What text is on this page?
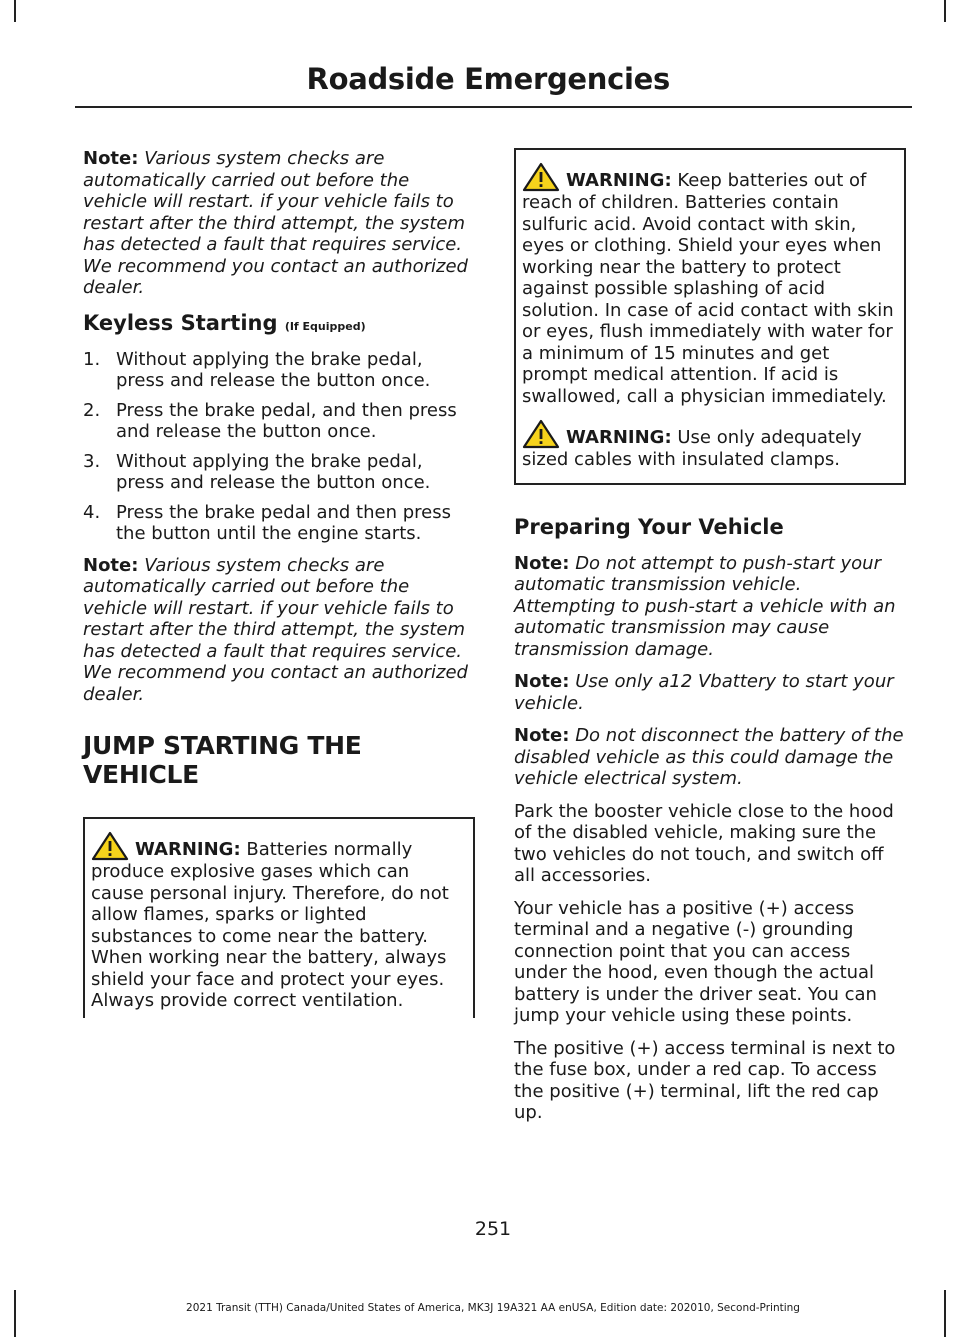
Roadside Emergencies

Note: Various system checks are automatically carried out before the vehicle will restart. if your vehicle fails to restart after the third attempt, the system has detected a fault that requires service. We recommend you contact an authorized dealer.

Keyless Starting (If Equipped)
1. Without applying the brake pedal, press and release the button once.
2. Press the brake pedal, and then press and release the button once.
3. Without applying the brake pedal, press and release the button once.
4. Press the brake pedal and then press the button until the engine starts.

Note: Various system checks are automatically carried out before the vehicle will restart. if your vehicle fails to restart after the third attempt, the system has detected a fault that requires service. We recommend you contact an authorized dealer.

JUMP STARTING THE VEHICLE

WARNING: Batteries normally produce explosive gases which can cause personal injury. Therefore, do not allow flames, sparks or lighted substances to come near the battery. When working near the battery, always shield your face and protect your eyes. Always provide correct ventilation.

WARNING: Keep batteries out of reach of children. Batteries contain sulfuric acid. Avoid contact with skin, eyes or clothing. Shield your eyes when working near the battery to protect against possible splashing of acid solution. In case of acid contact with skin or eyes, flush immediately with water for a minimum of 15 minutes and get prompt medical attention. If acid is swallowed, call a physician immediately.

WARNING: Use only adequately sized cables with insulated clamps.

Preparing Your Vehicle

Note: Do not attempt to push-start your automatic transmission vehicle. Attempting to push-start a vehicle with an automatic transmission may cause transmission damage.

Note: Use only a12 Vbattery to start your vehicle.

Note: Do not disconnect the battery of the disabled vehicle as this could damage the vehicle electrical system.

Park the booster vehicle close to the hood of the disabled vehicle, making sure the two vehicles do not touch, and switch off all accessories.

Your vehicle has a positive (+) access terminal and a negative (-) grounding connection point that you can access under the hood, even though the actual battery is under the driver seat. You can jump your vehicle using these points.

The positive (+) access terminal is next to the fuse box, under a red cap. To access the positive (+) terminal, lift the red cap up.

251
2021 Transit (TTH) Canada/United States of America, MK3J 19A321 AA enUSA, Edition date: 202010, Second-Printing
